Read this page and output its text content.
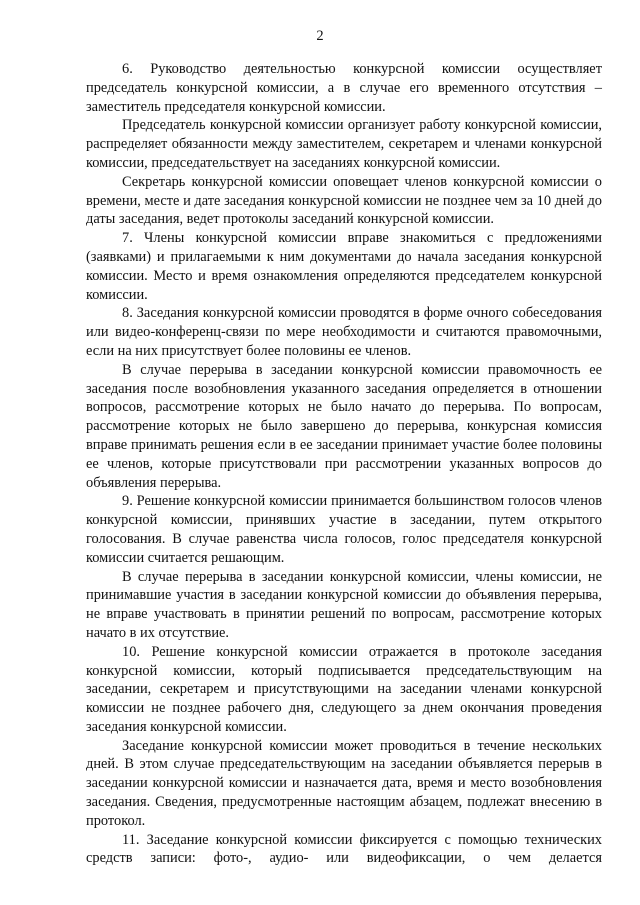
2

6. Руководство деятельностью конкурсной комиссии осуществляет председатель конкурсной комиссии, а в случае его временного отсутствия – заместитель председателя конкурсной комиссии.

Председатель конкурсной комиссии организует работу конкурсной комиссии, распределяет обязанности между заместителем, секретарем и членами конкурсной комиссии, председательствует на заседаниях конкурсной комиссии.

Секретарь конкурсной комиссии оповещает членов конкурсной комиссии о времени, месте и дате заседания конкурсной комиссии не позднее чем за 10 дней до даты заседания, ведет протоколы заседаний конкурсной комиссии.

7. Члены конкурсной комиссии вправе знакомиться с предложениями (заявками) и прилагаемыми к ним документами до начала заседания конкурсной комиссии. Место и время ознакомления определяются председателем конкурсной комиссии.

8. Заседания конкурсной комиссии проводятся в форме очного собеседования или видео-конференц-связи по мере необходимости и считаются правомочными, если на них присутствует более половины ее членов.

В случае перерыва в заседании конкурсной комиссии правомочность ее заседания после возобновления указанного заседания определяется в отношении вопросов, рассмотрение которых не было начато до перерыва. По вопросам, рассмотрение которых не было завершено до перерыва, конкурсная комиссия вправе принимать решения если в ее заседании принимает участие более половины ее членов, которые присутствовали при рассмотрении указанных вопросов до объявления перерыва.

9. Решение конкурсной комиссии принимается большинством голосов членов конкурсной комиссии, принявших участие в заседании, путем открытого голосования. В случае равенства числа голосов, голос председателя конкурсной комиссии считается решающим.

В случае перерыва в заседании конкурсной комиссии, члены комиссии, не принимавшие участия в заседании конкурсной комиссии до объявления перерыва, не вправе участвовать в принятии решений по вопросам, рассмотрение которых начато в их отсутствие.

10. Решение конкурсной комиссии отражается в протоколе заседания конкурсной комиссии, который подписывается председательствующим на заседании, секретарем и присутствующими на заседании членами конкурсной комиссии не позднее рабочего дня, следующего за днем окончания проведения заседания конкурсной комиссии.

Заседание конкурсной комиссии может проводиться в течение нескольких дней. В этом случае председательствующим на заседании объявляется перерыв в заседании конкурсной комиссии и назначается дата, время и место возобновления заседания. Сведения, предусмотренные настоящим абзацем, подлежат внесению в протокол.

11. Заседание конкурсной комиссии фиксируется с помощью технических средств записи: фото-, аудио- или видеофиксации, о чем делается
